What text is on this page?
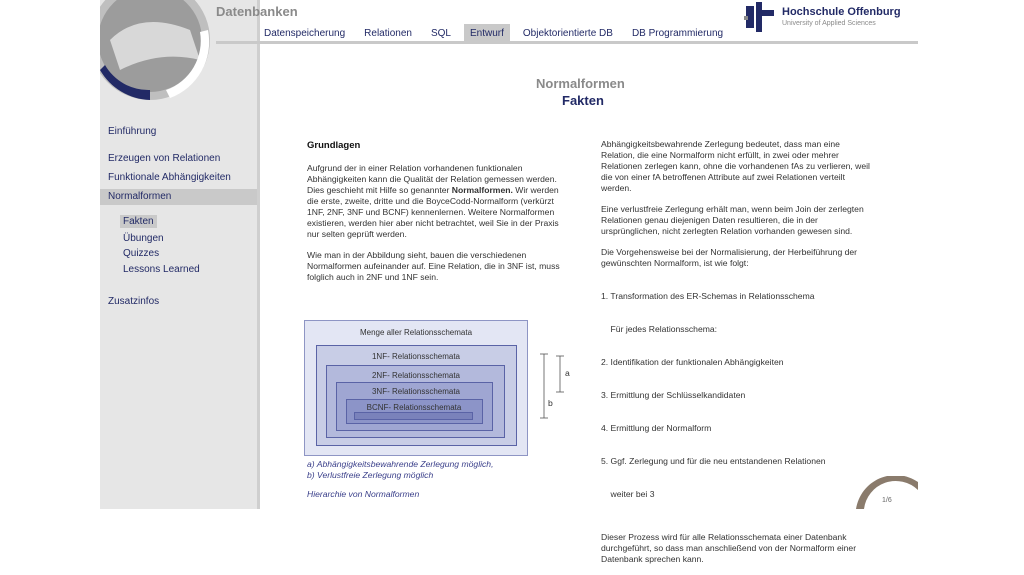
Datenbanken
Datenspeicherung	Relationen	SQL	Entwurf	Objektorientierte DB	DB Programmierung
Hochschule Offenburg
University of Applied Sciences
Einführung
Erzeugen von Relationen
Funktionale Abhängigkeiten
Normalformen
Fakten
Übungen
Quizzes
Lessons Learned
Zusatzinfos
Normalformen
Fakten
Grundlagen

Aufgrund der in einer Relation vorhandenen funktionalen Abhängigkeiten kann die Qualität der Relation gemessen werden. Dies geschieht mit Hilfe so genannter Normalformen. Wir werden die erste, zweite, dritte und die BoyceCodd-Normalform (verkürzt 1NF, 2NF, 3NF und BCNF) kennenlernen. Weitere Normalformen existieren, werden hier aber nicht betrachtet, weil Sie in der Praxis nur selten geprüft werden.

Wie man in der Abbildung sieht, bauen die verschiedenen Normalformen aufeinander auf. Eine Relation, die in 3NF ist, muss folglich auch in 2NF und 1NF sein.

Menge aller Relationsschemata
1NF- Relationsschemata
2NF- Relationsschemata
3NF- Relationsschemata
BCNF- Relationsschemata
a
b
a) Abhängigkeitsbewahrende Zerlegung möglich,
b) Verlustfreie Zerlegung möglich
Hierarchie von Normalformen

Abhängigkeitsbewahrende Zerlegung bedeutet, dass man eine Relation, die eine Normalform nicht erfüllt, in zwei oder mehrer Relationen zerlegen kann, ohne die vorhandenen fAs zu verlieren, weil die von einer fA betroffenen Attribute auf zwei Relationen verteilt werden.

Eine verlustfreie Zerlegung erhält man, wenn beim Join der zerlegten Relationen genau diejenigen Daten resultieren, die in der ursprünglichen, nicht zerlegten Relation vorhanden gewesen sind.

Die Vorgehensweise bei der Normalisierung, der Herbeiführung der gewünschten Normalform, ist wie folgt:

1. Transformation des ER-Schemas in Relationsschema

Für jedes Relationsschema:

2. Identifikation der funktionalen Abhängigkeiten

3. Ermittlung der Schlüsselkandidaten

4. Ermittlung der Normalform

5. Ggf. Zerlegung und für die neu entstandenen Relationen

weiter bei 3

Dieser Prozess wird für alle Relationsschemata einer Datenbank durchgeführt, so dass man anschließend von der Normalform einer Datenbank sprechen kann.

1/6
